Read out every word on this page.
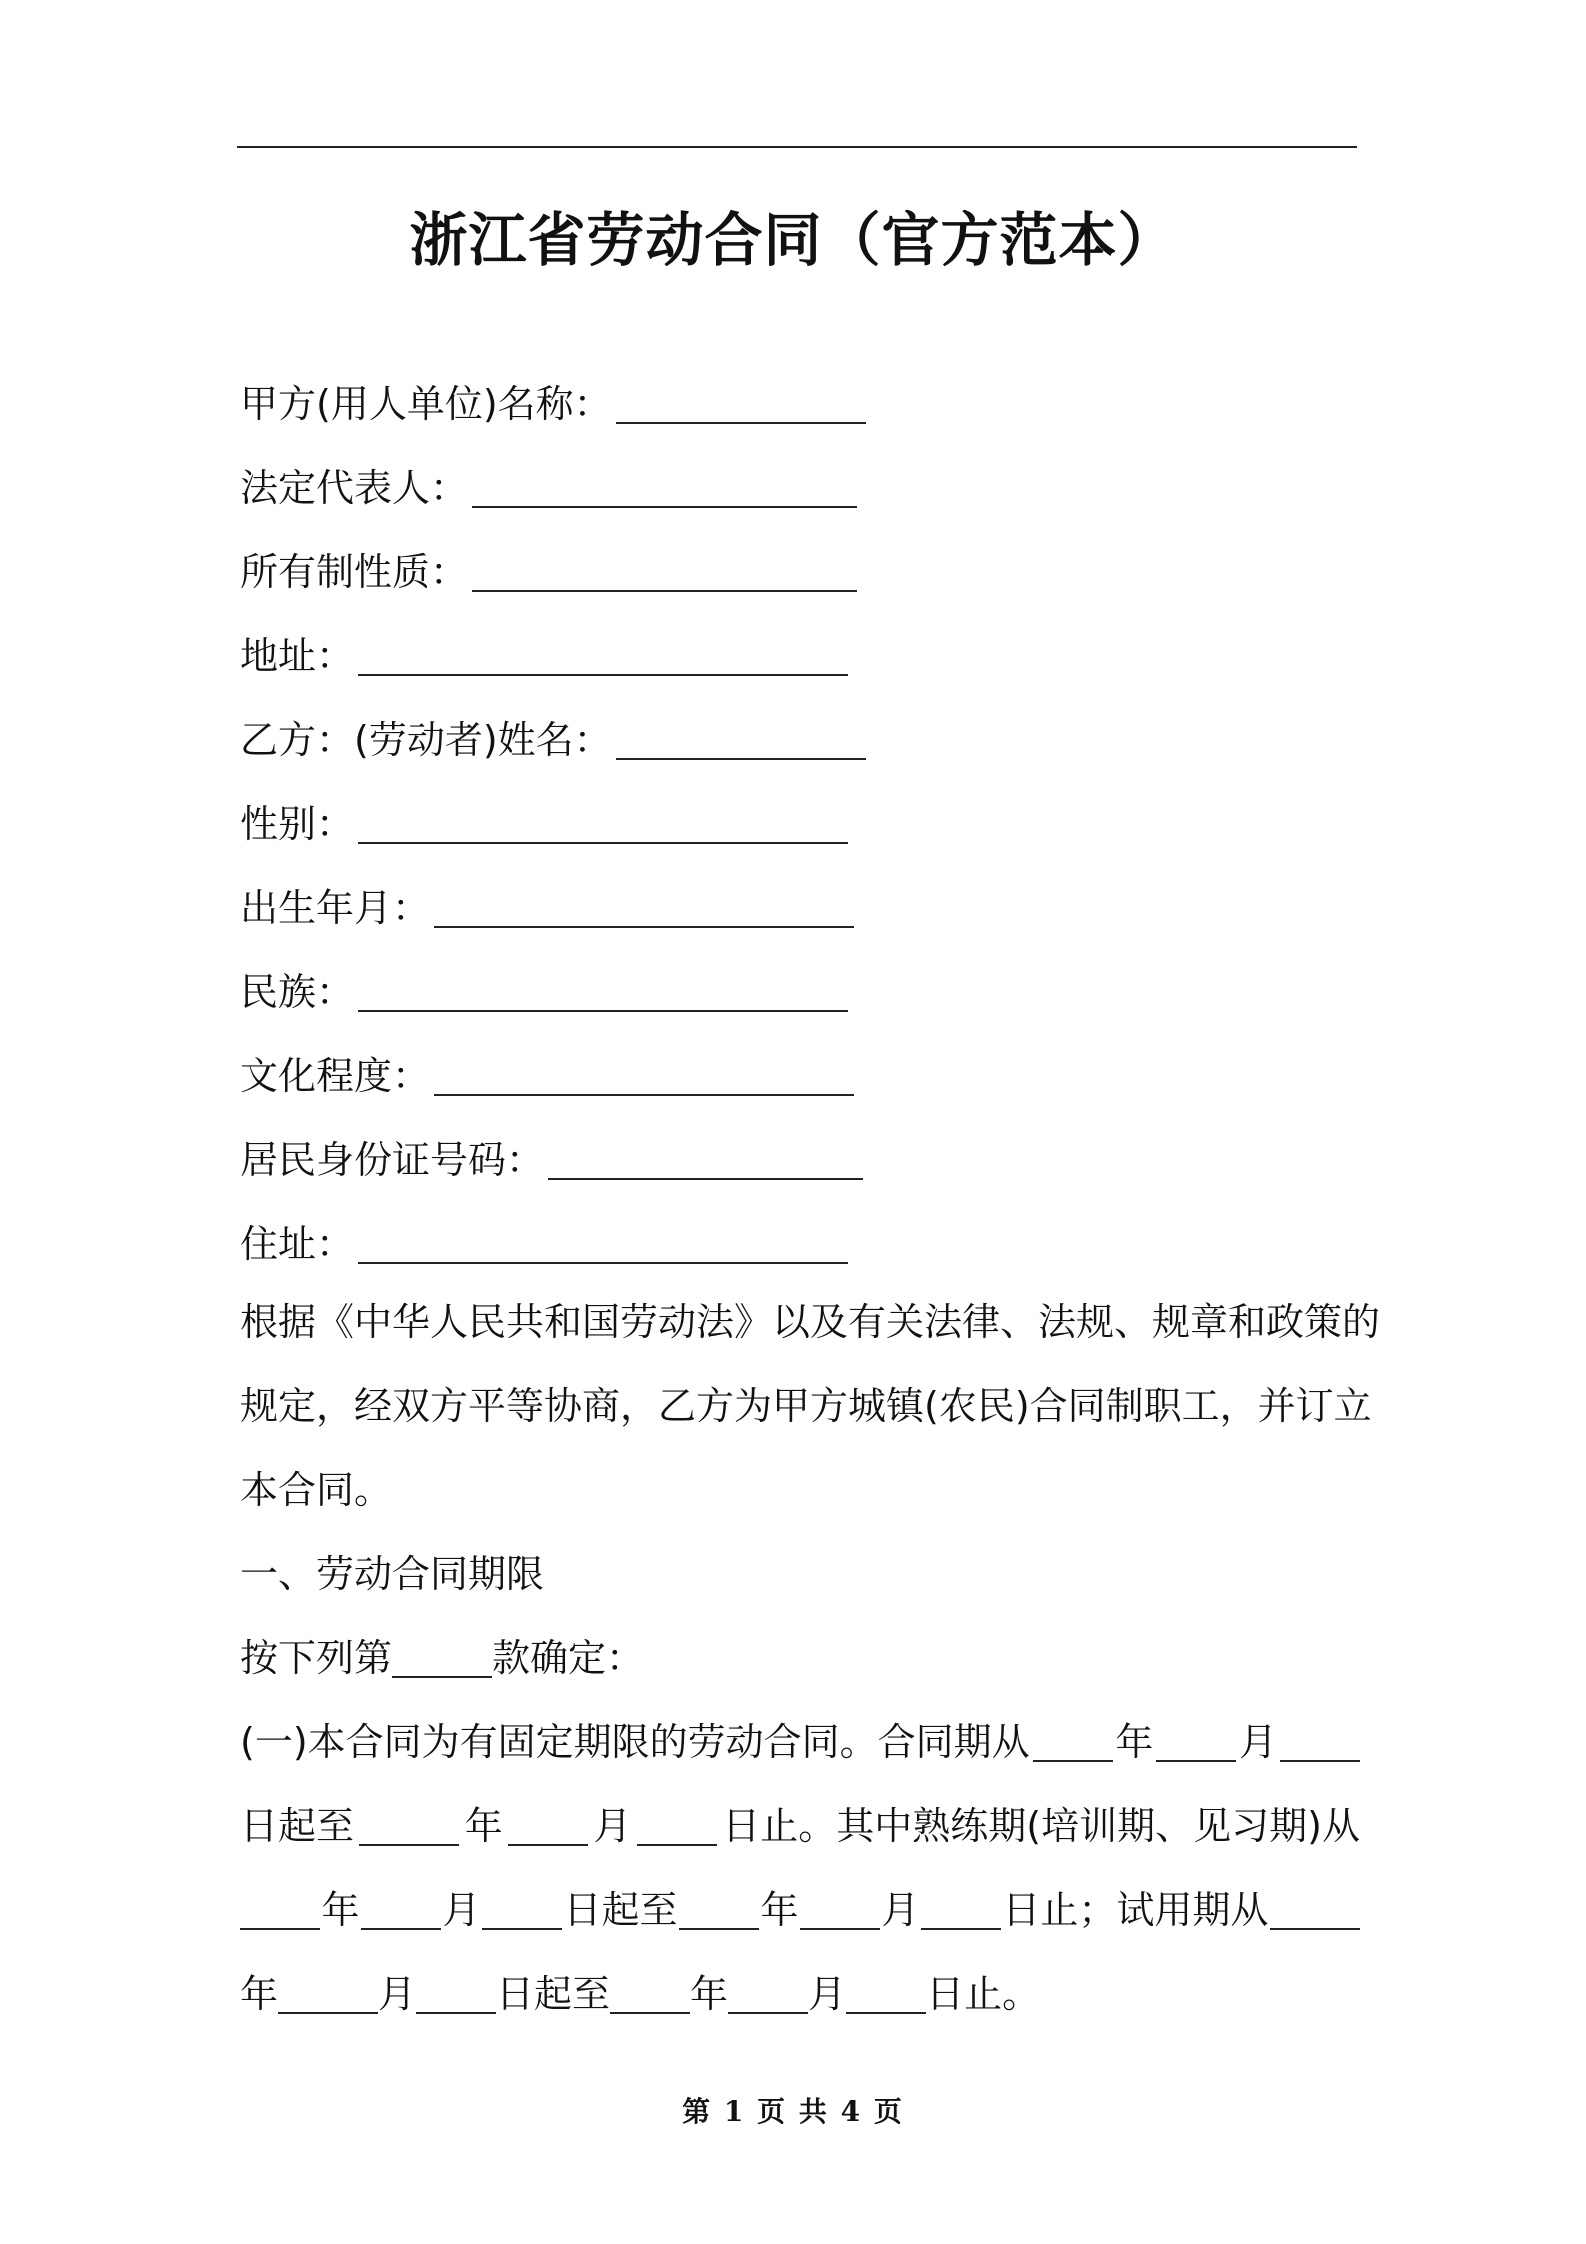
浙江省劳动合同（官方范本）
甲方(用人单位)名称：
法定代表人：
所有制性质：
地址：
乙方：(劳动者)姓名：
性别：
出生年月：
民族：
文化程度：
居民身份证号码：
住址：
根据《中华人民共和国劳动法》以及有关法律、法规、规章和政策的
规定，经双方平等协商，乙方为甲方城镇(农民)合同制职工，并订立
本合同。
一、劳动合同期限
按下列第	款确定：
(一)本合同为有固定期限的劳动合同。合同期从 年 月
日起至	年 月 日止。其中熟练期(培训期、见习期)从
年 月 日起至 年 月 日止；试用期从
年	月 日起至 年 月 日止。
第 1 页 共 4 页
